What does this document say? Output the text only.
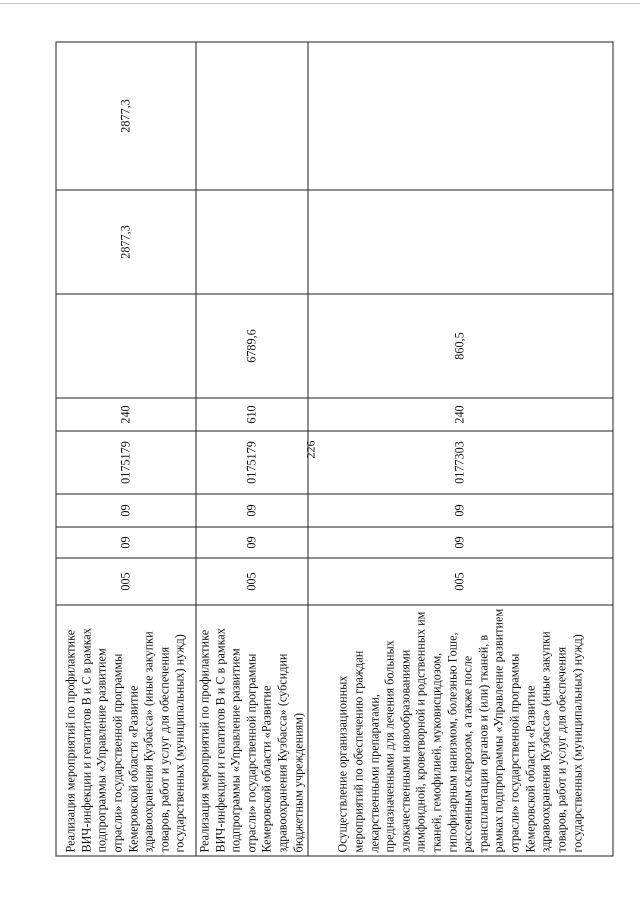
226
Реализация мероприятий по профилактике ВИЧ-инфекции и гепатитов В и С в рамках подпрограммы «Управление развитием отрасли» государственной программы Кемеровской области «Развитие здравоохранения Кузбасса» (иные закупки товаров, работ и услуг для обеспечения государственных (муниципальных) нужд)	005	09	09	0175179	240		2877,3	2877,3
Реализация мероприятий по профилактике ВИЧ-инфекции и гепатитов В и С в рамках подпрограммы «Управление развитием отрасли» государственной программы Кемеровской области «Развитие здравоохранения Кузбасса» (субсидии бюджетным учреждениям)	005	09	09	0175179	610	6789,6		
Осуществление организационных мероприятий по обеспечению граждан лекарственными препаратами, предназначенными для лечения больных злокачественными новообразованиями лимфоидной, кроветворной и родственных им тканей, гемофилией, муковисцидозом, гипофизарным нанизмом, болезнью Гоше, рассеянным склерозом, а также после трансплантации органов и (или) тканей, в рамках подпрограммы «Управление развитием отрасли» государственной программы Кемеровской области «Развитие здравоохранения Кузбасса» (иные закупки товаров, работ и услуг для обеспечения государственных (муниципальных) нужд)	005	09	09	0177303	240	860,5		
